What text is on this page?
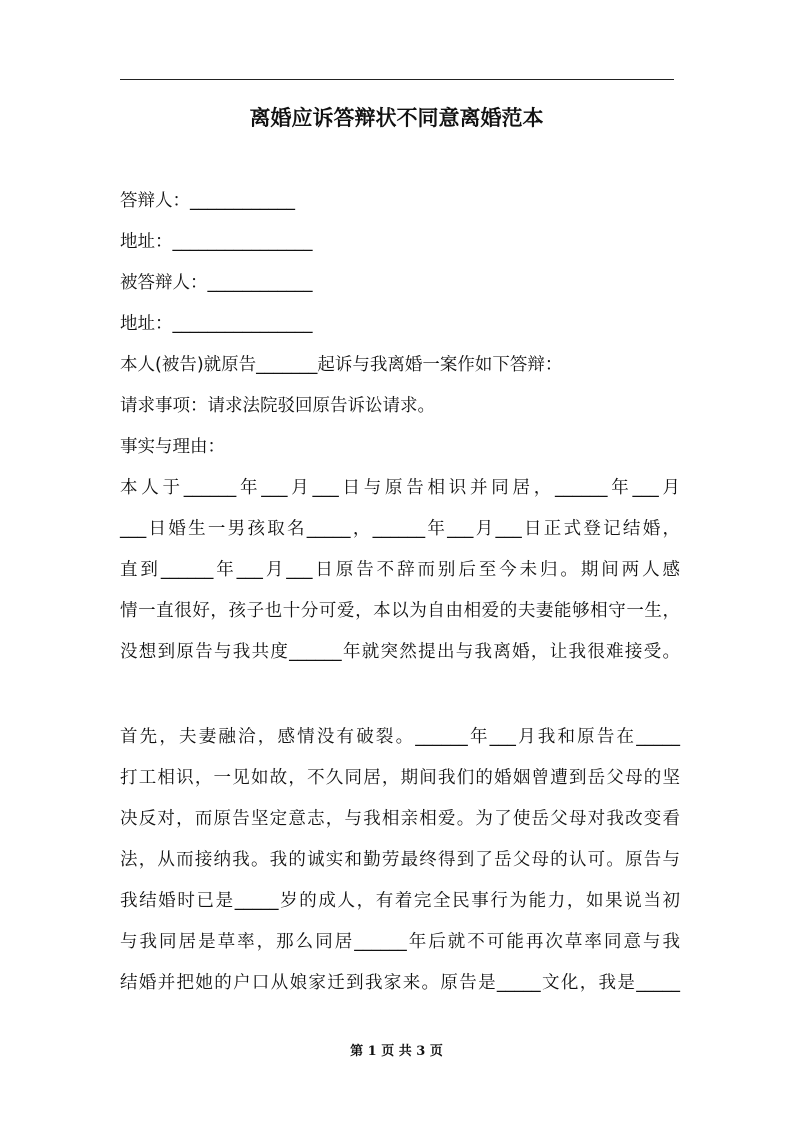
离婚应诉答辩状不同意离婚范本
答辩人：____________
地址：________________
被答辩人：____________
地址：________________
本人(被告)就原告_______起诉与我离婚一案作如下答辩：
请求事项：请求法院驳回原告诉讼请求。
事实与理由：
本人于______年___月___日与原告相识并同居，______年___月
___日婚生一男孩取名_____，______年___月___日正式登记结婚，
直到______年___月___日原告不辞而别后至今未归。期间两人感
情一直很好，孩子也十分可爱，本以为自由相爱的夫妻能够相守一生，
没想到原告与我共度______年就突然提出与我离婚，让我很难接受。
首先，夫妻融洽，感情没有破裂。______年___月我和原告在_____
打工相识，一见如故，不久同居，期间我们的婚姻曾遭到岳父母的坚
决反对，而原告坚定意志，与我相亲相爱。为了使岳父母对我改变看
法，从而接纳我。我的诚实和勤劳最终得到了岳父母的认可。原告与
我结婚时已是_____岁的成人，有着完全民事行为能力，如果说当初
与我同居是草率，那么同居______年后就不可能再次草率同意与我
结婚并把她的户口从娘家迁到我家来。原告是_____文化，我是_____
第 1 页 共 3 页
